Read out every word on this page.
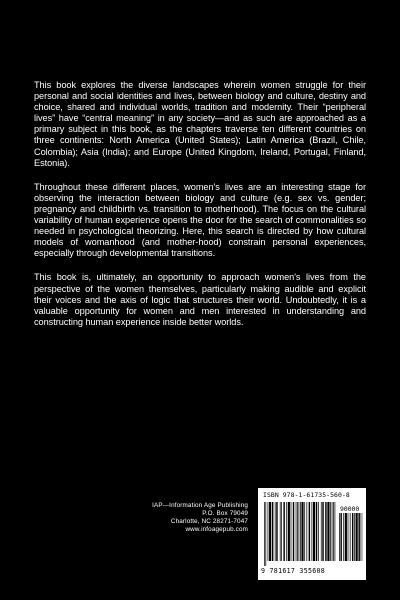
This book explores the diverse landscapes wherein women struggle for their personal and social identities and lives, between biology and culture, destiny and choice, shared and individual worlds, tradition and modernity. Their “peripheral lives” have “central meaning” in any society—and as such are approached as a primary subject in this book, as the chapters traverse ten different countries on three continents: North America (United States); Latin America (Brazil, Chile, Colombia); Asia (India); and Europe (United Kingdom, Ireland, Portugal, Finland, Estonia).

Throughout these different places, women's lives are an interesting stage for observing the interaction between biology and culture (e.g. sex vs. gender; pregnancy and childbirth vs. transition to motherhood). The focus on the cultural variability of human experience opens the door for the search of commonalities so needed in psychological theorizing. Here, this search is directed by how cultural models of womanhood (and mother-hood) constrain personal experiences, especially through developmental transitions.

This book is, ultimately, an opportunity to approach women's lives from the perspective of the women themselves, particularly making audible and explicit their voices and the axis of logic that structures their world. Undoubtedly, it is a valuable opportunity for women and men interested in understanding and constructing human experience inside better worlds.

IAP—Information Age Publishing
P.O. Box 79049
Charlotte, NC 28271-7047
www.infoagepub.com
ISBN 978-1-61735-560-8
90000
9 781617 355608
